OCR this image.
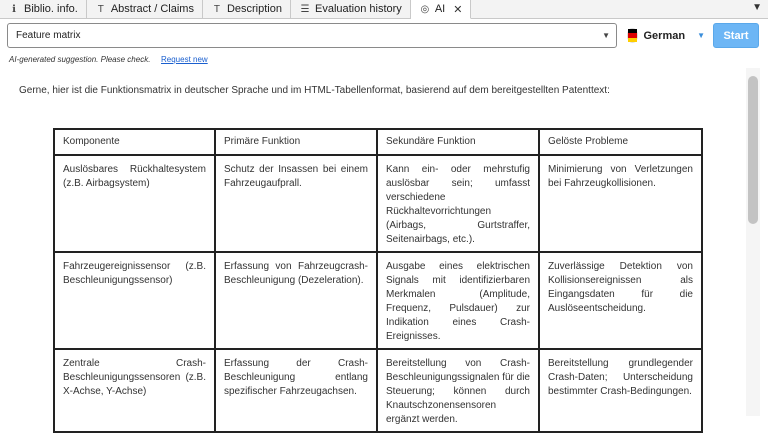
ℹ Biblio. info. T Abstract / Claims T Description ☰ Evaluation history ◎ AI ✕	▼
Feature matrix	▼	German ▼	Start
AI-generated suggestion. Please check. Request new
Gerne, hier ist die Funktionsmatrix in deutscher Sprache und im HTML-Tabellenformat, basierend auf dem bereitgestellten Patenttext:
Komponente	Primäre Funktion	Sekundäre Funktion	Gelöste Probleme
Auslösbares Rückhaltesystem (z.B. Airbagsystem)	Schutz der Insassen bei einem Fahrzeugaufprall.	Kann ein- oder mehrstufig auslösbar sein; umfasst verschiedene Rückhaltevorrichtungen (Airbags, Gurtstraffer, Seitenairbags, etc.).	Minimierung von Verletzungen bei Fahrzeugkollisionen.
Fahrzeugereignissensor (z.B. Beschleunigungssensor)	Erfassung von Fahrzeugcrash-Beschleunigung (Dezeleration).	Ausgabe eines elektrischen Signals mit identifizierbaren Merkmalen (Amplitude, Frequenz, Pulsdauer) zur Indikation eines Crash-Ereignisses.	Zuverlässige Detektion von Kollisionsereignissen als Eingangsdaten für die Auslöseentscheidung.
Zentrale Crash-Beschleunigungssensoren (z.B. X-Achse, Y-Achse)	Erfassung der Crash-Beschleunigung entlang spezifischer Fahrzeugachsen.	Bereitstellung von Crash-Beschleunigungssignalen für die Steuerung; können durch Knautschzonensensoren ergänzt werden.	Bereitstellung grundlegender Crash-Daten; Unterscheidung bestimmter Crash-Bedingungen.
